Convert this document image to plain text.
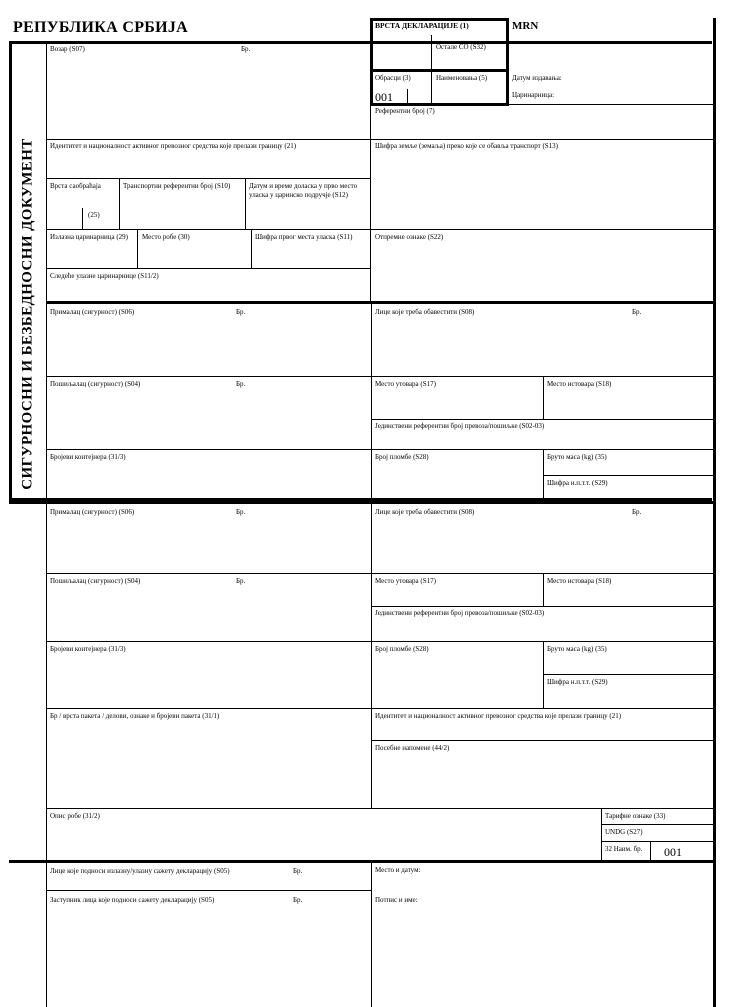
РЕПУБЛИКА СРБИЈА	MRN
СИГУРНОСНИ И БЕЗБЕДНОСНИ ДОКУМЕНТ
ВРСТА ДЕКЛАРАЦИЈЕ (1)
Остале CO (S32)
Обрасци (3)
001
Наименовања (5)	Датум издавања:
Царинарница:
Референтни број (7)
Возар (S07)	Бр.
Идентитет и националност активног превозног средства које прелази границу (21)	Шифра земље (земаља) преко које се обавља транспорт (S13)
Врста саобраћаја
(25)
Транспортни референтни број (S10)	Датум и време доласка у прво место уласка у царинско подручје (S12)
Излазна царинарница (29)	Место робе (30)	Шифра првог места уласка (S11)	Отпремне ознаке (S22)
Следеће улазне царинарнице (S11/2)
Прималац (сигурност) (S06)	Бр.	Лице које треба обавестити (S08)	Бр.
Пошиљалац (сигурност) (S04)	Бр.	Место утовара (S17)	Место истовара (S18)
Јединствени референтни број превоза/пошиљке (S02-03)
Бројеви контејнера (31/3)	Број пломбе (S28)	Бруто маса (kg) (35)
Шифра н.п.т.т. (S29)
Прималац (сигурност) (S06)	Бр.	Лице које треба обавестити (S08)	Бр.
Пошиљалац (сигурност) (S04)	Бр.	Место утовара (S17)	Место истовара (S18)
Јединствени референтни број превоза/пошиљке (S02-03)
Бројеви контејнера (31/3)	Број пломбе (S28)	Бруто маса (kg) (35)
Шифра н.п.т.т. (S29)
Бр / врста пакета / делови, ознаке и бројеви пакета (31/1)	Идентитет и националност активног превозног средства које прелази границу (21)
Посебне напомене (44/2)
Опис робе (31/2)	Тарифне ознаке (33)
UNDG (S27)
32 Наим. бр. 001
Лице које подноси излазну/улазну сажету декларацију (S05)	Бр.	Место и датум:
Заступник лица које подноси сажету декларацију (S05)	Бр.	Потпис и име:
